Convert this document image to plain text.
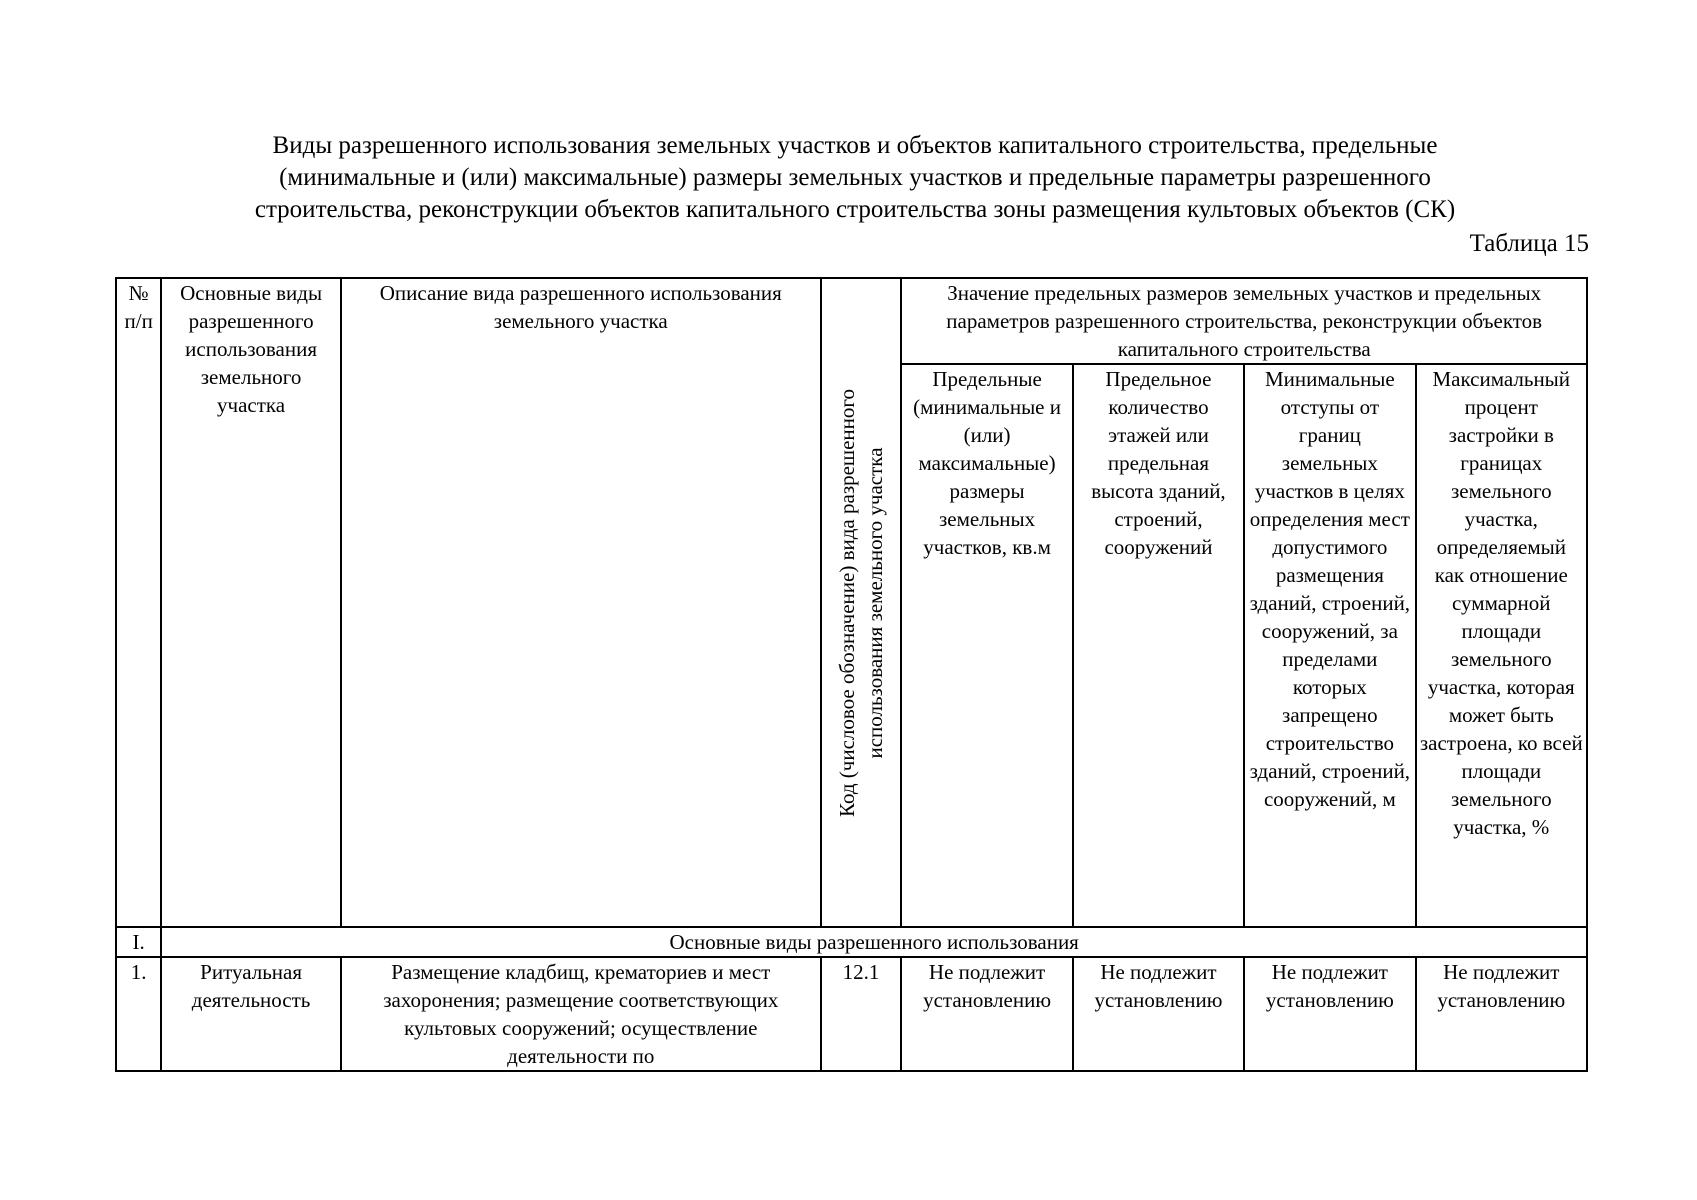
Виды разрешенного использования земельных участков и объектов капитального строительства, предельные
(минимальные и (или) максимальные) размеры земельных участков и предельные параметры разрешенного
строительства, реконструкции объектов капитального строительства зоны размещения культовых объектов (СК)
Таблица 15
№ п/п	Основные виды разрешенного использования земельного участка	Описание вида разрешенного использования земельного участка	Код (числовое обозначение) вида разрешенного использования земельного участка	Значение предельных размеров земельных участков и предельных параметров разрешенного строительства, реконструкции объектов капитального строительства			

				Предельные (минимальные и (или) максимальные) размеры земельных участков, кв.м	Предельное количество этажей или предельная высота зданий, строений, сооружений	Минимальные отступы от границ земельных участков в целях определения мест допустимого размещения зданий, строений, сооружений, за пределами которых запрещено строительство зданий, строений, сооружений, м	Максимальный процент застройки в границах земельного участка, определяемый как отношение суммарной площади земельного участка, которая может быть застроена, ко всей площади земельного участка, %

I.	Основные виды разрешенного использования						
1.	Ритуальная деятельность	Размещение кладбищ, крематориев и мест захоронения; размещение соответствующих культовых сооружений; осуществление деятельности по	12.1	Не подлежит установлению	Не подлежит установлению	Не подлежит установлению	Не подлежит установлению
